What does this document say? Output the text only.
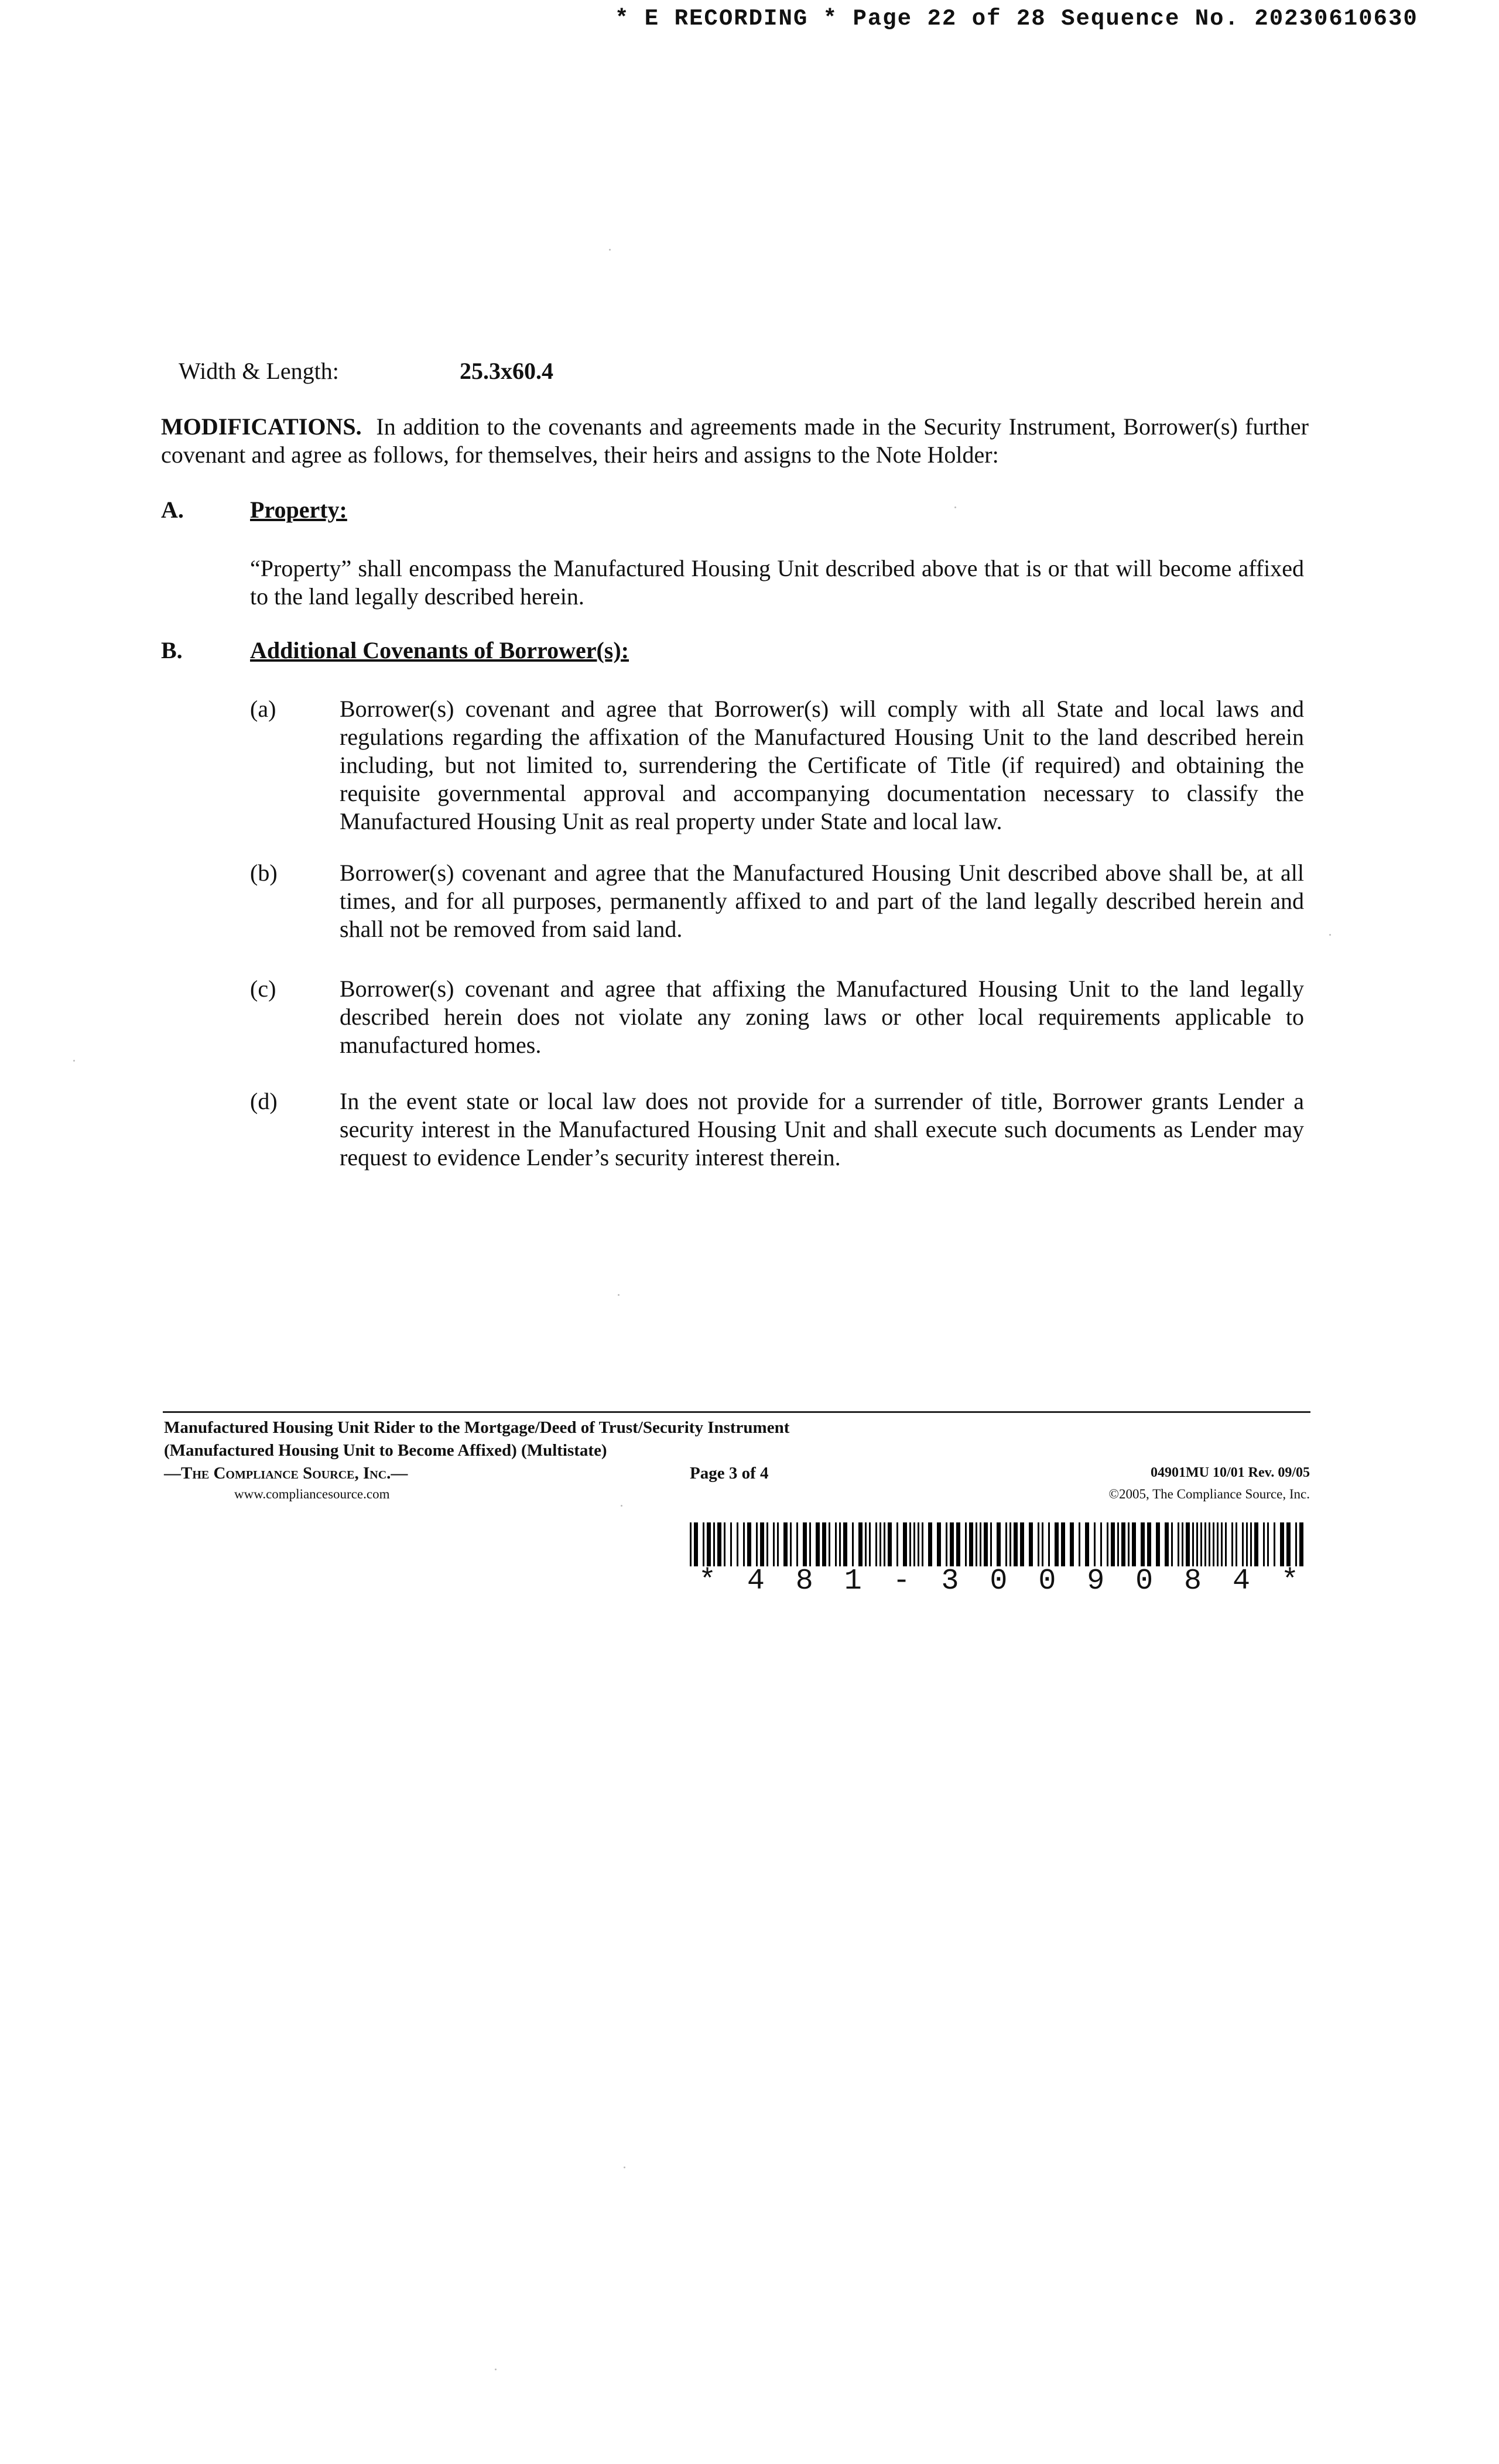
* E RECORDING * Page 22 of 28 Sequence No. 20230610630
Width & Length:	25.3x60.4
MODIFICATIONS. In addition to the covenants and agreements made in the Security Instrument, Borrower(s) further covenant and agree as follows, for themselves, their heirs and assigns to the Note Holder:
A.	Property:
“Property” shall encompass the Manufactured Housing Unit described above that is or that will become affixed to the land legally described herein.
B.	Additional Covenants of Borrower(s):
(a)	Borrower(s) covenant and agree that Borrower(s) will comply with all State and local laws and regulations regarding the affixation of the Manufactured Housing Unit to the land described herein including, but not limited to, surrendering the Certificate of Title (if required) and obtaining the requisite governmental approval and accompanying documentation necessary to classify the Manufactured Housing Unit as real property under State and local law.
(b)	Borrower(s) covenant and agree that the Manufactured Housing Unit described above shall be, at all times, and for all purposes, permanently affixed to and part of the land legally described herein and shall not be removed from said land.
(c)	Borrower(s) covenant and agree that affixing the Manufactured Housing Unit to the land legally described herein does not violate any zoning laws or other local requirements applicable to manufactured homes.
(d)	In the event state or local law does not provide for a surrender of title, Borrower grants Lender a security interest in the Manufactured Housing Unit and shall execute such documents as Lender may request to evidence Lender’s security interest therein.
Manufactured Housing Unit Rider to the Mortgage/Deed of Trust/Security Instrument
(Manufactured Housing Unit to Become Affixed) (Multistate)
—The Compliance Source, Inc.—
www.compliancesource.com
Page 3 of 4	04901MU 10/01 Rev. 09/05
©2005, The Compliance Source, Inc.
*	4	8	1	-	3	0	0	9	0	8	4	*
